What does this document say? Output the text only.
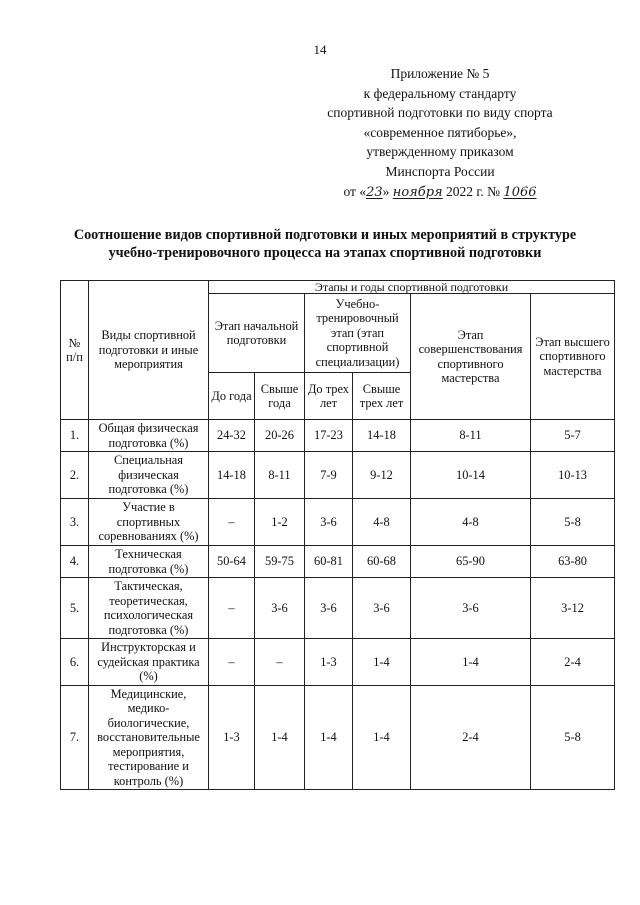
14
Приложение № 5
к федеральному стандарту
спортивной подготовки по виду спорта
«современное пятиборье»,
утвержденному приказом
Минспорта России
от «23» ноября 2022 г. № 1066
Соотношение видов спортивной подготовки и иных мероприятий в структуре
учебно-тренировочного процесса на этапах спортивной подготовки
№ п/п	Виды спортивной подготовки и иные мероприятия	Этапы и годы спортивной подготовки					
		Этап начальной подготовки		Учебно-тренировочный этап (этап спортивной специализации)		Этап совершенствования спортивного мастерства	Этап высшего спортивного мастерства
		До года	Свыше года	До трех лет	Свыше трех лет		
1.	Общая физическая подготовка (%)	24-32	20-26	17-23	14-18	8-11	5-7
2.	Специальная физическая подготовка (%)	14-18	8-11	7-9	9-12	10-14	10-13
3.	Участие в спортивных соревнованиях (%)	–	1-2	3-6	4-8	4-8	5-8
4.	Техническая подготовка (%)	50-64	59-75	60-81	60-68	65-90	63-80
5.	Тактическая, теоретическая, психологическая подготовка (%)	–	3-6	3-6	3-6	3-6	3-12
6.	Инструкторская и судейская практика (%)	–	–	1-3	1-4	1-4	2-4
7.	Медицинские, медико-биологические, восстановительные мероприятия, тестирование и контроль (%)	1-3	1-4	1-4	1-4	2-4	5-8
